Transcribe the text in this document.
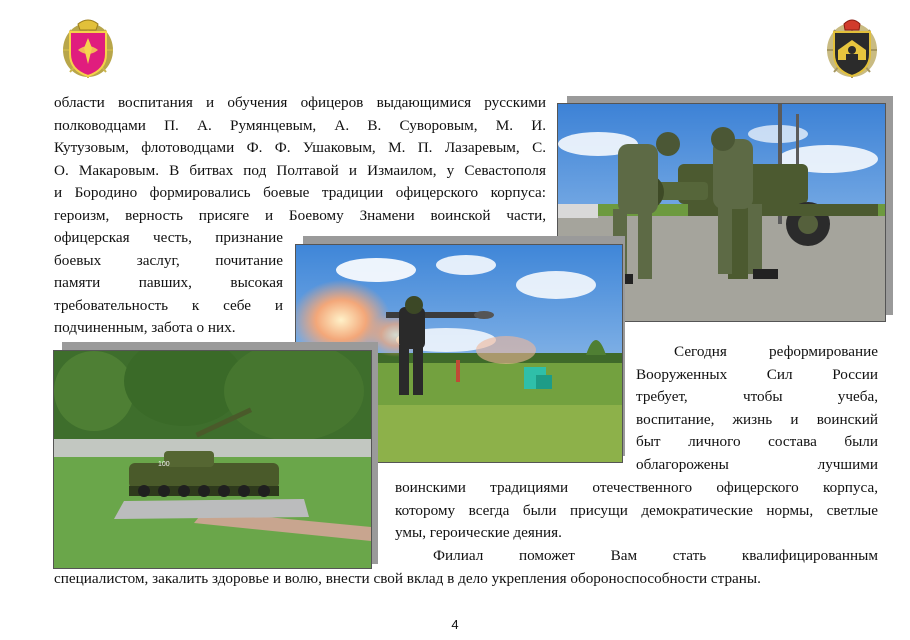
области воспитания и обучения офицеров выдающимися русскими
полководцами П. А. Румянцевым, А. В. Суворовым, М. И.
Кутузовым, флотоводцами Ф. Ф. Ушаковым, М. П. Лазаревым, С.
О. Макаровым. В битвах под Полтавой и Измаилом, у Севастополя
и Бородино формировались боевые традиции офицерского корпуса:
героизм, верность присяге и Боевому Знамени воинской части,
офицерская честь, признание
боевых заслуг, почитание
памяти павших, высокая
требовательность к себе и
подчиненным, забота о них.
100
Сегодня реформирование
Вооруженных Сил России
требует, чтобы учеба,
воспитание, жизнь и воинский
быт личного состава были
облагорожены лучшими
воинскими традициями отечественного офицерского корпуса,
которому всегда были присущи демократические нормы, светлые
умы, героические деяния.
Филиал поможет Вам стать квалифицированным
специалистом, закалить здоровье и волю, внести свой вклад в дело укрепления обороноспособности страны.
4
